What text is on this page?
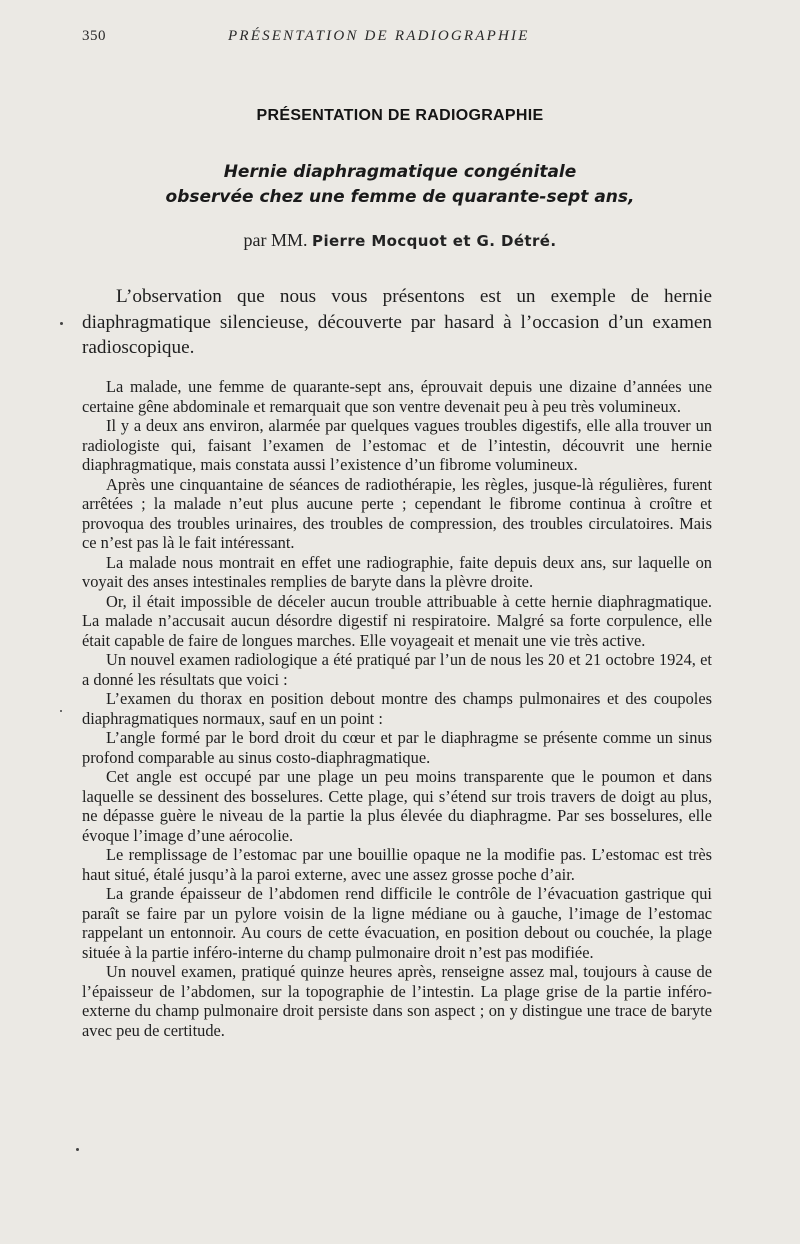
350	PRÉSENTATION DE RADIOGRAPHIE
PRÉSENTATION DE RADIOGRAPHIE
Hernie diaphragmatique congénitale
observée chez une femme de quarante-sept ans,
par MM. Pierre Mocquot et G. Détré.
L’observation que nous vous présentons est un exemple de hernie diaphragmatique silencieuse, découverte par hasard à l’occasion d’un examen radioscopique.

La malade, une femme de quarante-sept ans, éprouvait depuis une dizaine d’années une certaine gêne abdominale et remarquait que son ventre devenait peu à peu très volumineux.

Il y a deux ans environ, alarmée par quelques vagues troubles digestifs, elle alla trouver un radiologiste qui, faisant l’examen de l’estomac et de l’intestin, découvrit une hernie diaphragmatique, mais constata aussi l’existence d’un fibrome volumineux.

Après une cinquantaine de séances de radiothérapie, les règles, jusque-là régulières, furent arrêtées ; la malade n’eut plus aucune perte ; cependant le fibrome continua à croître et provoqua des troubles urinaires, des troubles de compression, des troubles circulatoires. Mais ce n’est pas là le fait intéressant.

La malade nous montrait en effet une radiographie, faite depuis deux ans, sur laquelle on voyait des anses intestinales remplies de baryte dans la plèvre droite.

Or, il était impossible de déceler aucun trouble attribuable à cette hernie diaphragmatique. La malade n’accusait aucun désordre digestif ni respiratoire. Malgré sa forte corpulence, elle était capable de faire de longues marches. Elle voyageait et menait une vie très active.

Un nouvel examen radiologique a été pratiqué par l’un de nous les 20 et 21 octobre 1924, et a donné les résultats que voici :

L’examen du thorax en position debout montre des champs pulmonaires et des coupoles diaphragmatiques normaux, sauf en un point :

L’angle formé par le bord droit du cœur et par le diaphragme se présente comme un sinus profond comparable au sinus costo-diaphragmatique.

Cet angle est occupé par une plage un peu moins transparente que le poumon et dans laquelle se dessinent des bosselures. Cette plage, qui s’étend sur trois travers de doigt au plus, ne dépasse guère le niveau de la partie la plus élevée du diaphragme. Par ses bosselures, elle évoque l’image d’une aérocolie.

Le remplissage de l’estomac par une bouillie opaque ne la modifie pas. L’estomac est très haut situé, étalé jusqu’à la paroi externe, avec une assez grosse poche d’air.

La grande épaisseur de l’abdomen rend difficile le contrôle de l’évacuation gastrique qui paraît se faire par un pylore voisin de la ligne médiane ou à gauche, l’image de l’estomac rappelant un entonnoir. Au cours de cette évacuation, en position debout ou couchée, la plage située à la partie inféro-interne du champ pulmonaire droit n’est pas modifiée.

Un nouvel examen, pratiqué quinze heures après, renseigne assez mal, toujours à cause de l’épaisseur de l’abdomen, sur la topographie de l’intestin. La plage grise de la partie inféro-externe du champ pulmonaire droit persiste dans son aspect ; on y distingue une trace de baryte avec peu de certitude.
